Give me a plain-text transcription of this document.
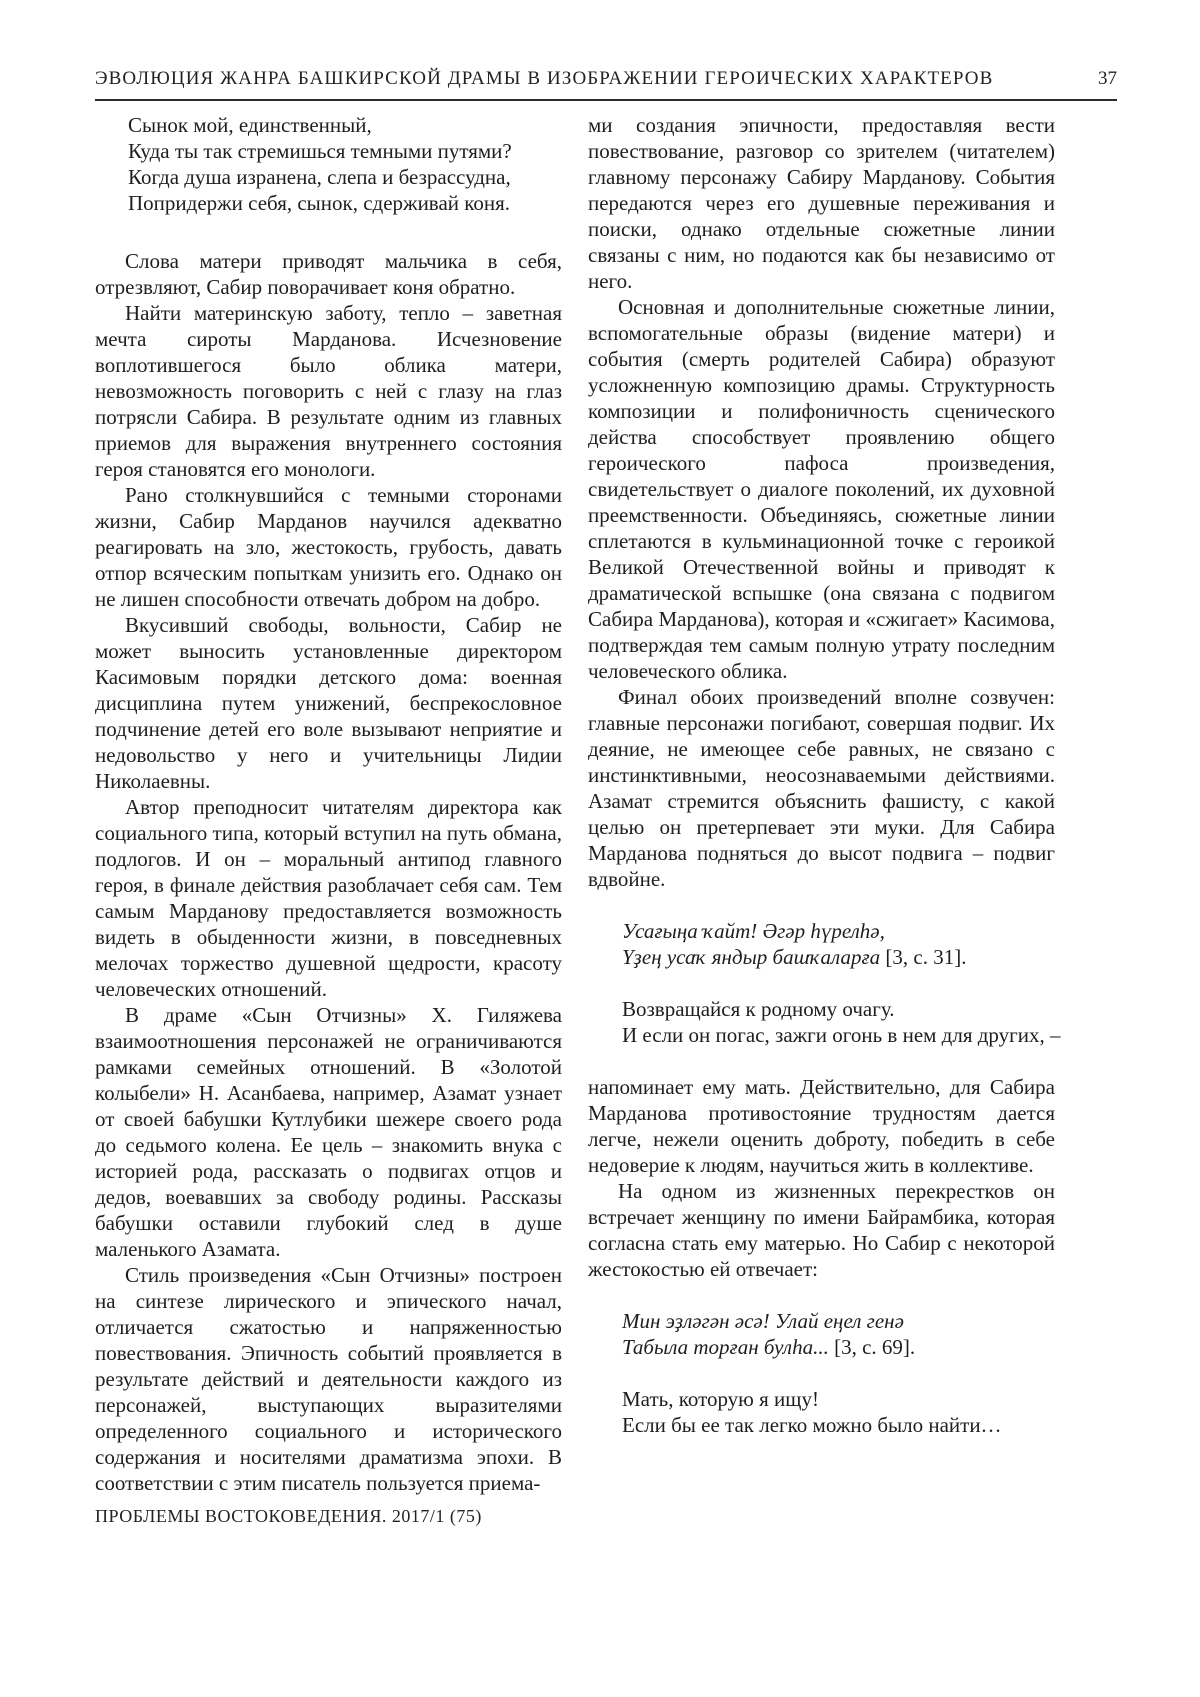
ЭВОЛЮЦИЯ ЖАНРА БАШКИРСКОЙ ДРАМЫ В ИЗОБРАЖЕНИИ ГЕРОИЧЕСКИХ ХАРАКТЕРОВ	37
Сынок мой, единственный,
Куда ты так стремишься темными путями?
Когда душа изранена, слепа и безрассудна,
Попридержи себя, сынок, сдерживай коня.

Слова матери приводят мальчика в себя, отрезвляют, Сабир поворачивает коня обратно.

Найти материнскую заботу, тепло – заветная мечта сироты Марданова. Исчезновение воплотившегося было облика матери, невозможность поговорить с ней с глазу на глаз потрясли Сабира. В результате одним из главных приемов для выражения внутреннего состояния героя становятся его монологи.

Рано столкнувшийся с темными сторонами жизни, Сабир Марданов научился адекватно реагировать на зло, жестокость, грубость, давать отпор всяческим попыткам унизить его. Однако он не лишен способности отвечать добром на добро.

Вкусивший свободы, вольности, Сабир не может выносить установленные директором Касимовым порядки детского дома: военная дисциплина путем унижений, беспрекословное подчинение детей его воле вызывают неприятие и недовольство у него и учительницы Лидии Николаевны.

Автор преподносит читателям директора как социального типа, который вступил на путь обмана, подлогов. И он – моральный антипод главного героя, в финале действия разоблачает себя сам. Тем самым Марданову предоставляется возможность видеть в обыденности жизни, в повседневных мелочах торжество душевной щедрости, красоту человеческих отношений.

В драме «Сын Отчизны» Х. Гиляжева взаимоотношения персонажей не ограничиваются рамками семейных отношений. В «Золотой колыбели» Н. Асанбаева, например, Азамат узнает от своей бабушки Кутлубики шежере своего рода до седьмого колена. Ее цель – знакомить внука с историей рода, рассказать о подвигах отцов и дедов, воевавших за свободу родины. Рассказы бабушки оставили глубокий след в душе маленького Азамата.

Стиль произведения «Сын Отчизны» построен на синтезе лирического и эпического начал, отличается сжатостью и напряженностью повествования. Эпичность событий проявляется в результате действий и деятельности каждого из персонажей, выступающих выразителями определенного социального и исторического содержания и носителями драматизма эпохи. В соответствии с этим писатель пользуется приема-

ми создания эпичности, предоставляя вести повествование, разговор со зрителем (читателем) главному персонажу Сабиру Марданову. События передаются через его душевные переживания и поиски, однако отдельные сюжетные линии связаны с ним, но подаются как бы независимо от него.

Основная и дополнительные сюжетные линии, вспомогательные образы (видение матери) и события (смерть родителей Сабира) образуют усложненную композицию драмы. Структурность композиции и полифоничность сценического действа способствует проявлению общего героического пафоса произведения, свидетельствует о диалоге поколений, их духовной преемственности. Объединяясь, сюжетные линии сплетаются в кульминационной точке с героикой Великой Отечественной войны и приводят к драматической вспышке (она связана с подвигом Сабира Марданова), которая и «сжигает» Касимова, подтверждая тем самым полную утрату последним человеческого облика.

Финал обоих произведений вполне созвучен: главные персонажи погибают, совершая подвиг. Их деяние, не имеющее себе равных, не связано с инстинктивными, неосознаваемыми действиями. Азамат стремится объяснить фашисту, с какой целью он претерпевает эти муки. Для Сабира Марданова подняться до высот подвига – подвиг вдвойне.

Усағыңа ҡайт! Әгәр һүрелһә,
Үҙең усаҡ яндыр башҡаларға [3, с. 31].
Возвращайся к родному очагу.
И если он погас, зажги огонь в нем для других, –

напоминает ему мать. Действительно, для Сабира Марданова противостояние трудностям дается легче, нежели оценить доброту, победить в себе недоверие к людям, научиться жить в коллективе.

На одном из жизненных перекрестков он встречает женщину по имени Байрамбика, которая согласна стать ему матерью. Но Сабир с некоторой жестокостью ей отвечает:

Мин эҙләгән әсә! Улай еңел генә
Табыла торған булһа... [3, с. 69].
Мать, которую я ищу!
Если бы ее так легко можно было найти…
ПРОБЛЕМЫ ВОСТОКОВЕДЕНИЯ. 2017/1 (75)
